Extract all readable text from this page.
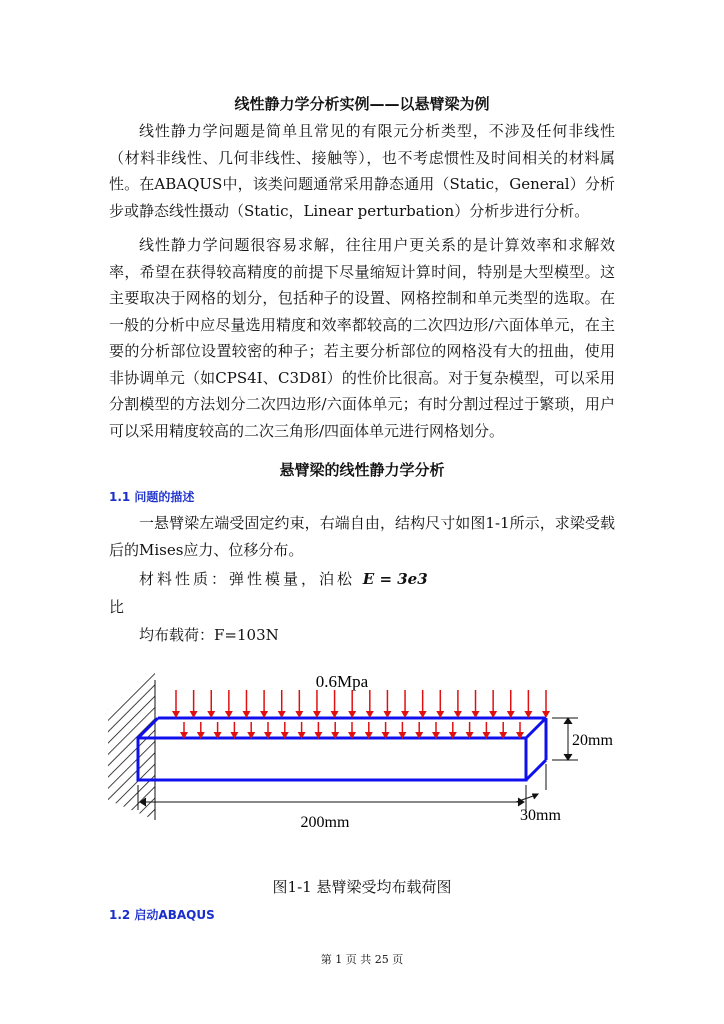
线性静力学分析实例——以悬臂梁为例

线性静力学问题是简单且常见的有限元分析类型，不涉及任何非线性（材料非线性、几何非线性、接触等），也不考虑惯性及时间相关的材料属性。在ABAQUS中，该类问题通常采用静态通用（Static，General）分析步或静态线性摄动（Static，Linear perturbation）分析步进行分析。

线性静力学问题很容易求解，往往用户更关系的是计算效率和求解效率，希望在获得较高精度的前提下尽量缩短计算时间，特别是大型模型。这主要取决于网格的划分，包括种子的设置、网格控制和单元类型的选取。在一般的分析中应尽量选用精度和效率都较高的二次四边形/六面体单元，在主要的分析部位设置较密的种子；若主要分析部位的网格没有大的扭曲，使用非协调单元（如CPS4I、C3D8I）的性价比很高。对于复杂模型，可以采用分割模型的方法划分二次四边形/六面体单元；有时分割过程过于繁琐，用户可以采用精度较高的二次三角形/四面体单元进行网格划分。

悬臂梁的线性静力学分析
1.1 问题的描述

一悬臂梁左端受固定约束，右端自由，结构尺寸如图1-1所示，求梁受载后的Mises应力、位移分布。

材料性质：弹性模量，泊松 E = 3e3
比
均布载荷：F=103N
0.6Mpa
20mm
200mm	30mm
图1-1 悬臂梁受均布载荷图
1.2 启动ABAQUS
第 1 页 共 25 页
